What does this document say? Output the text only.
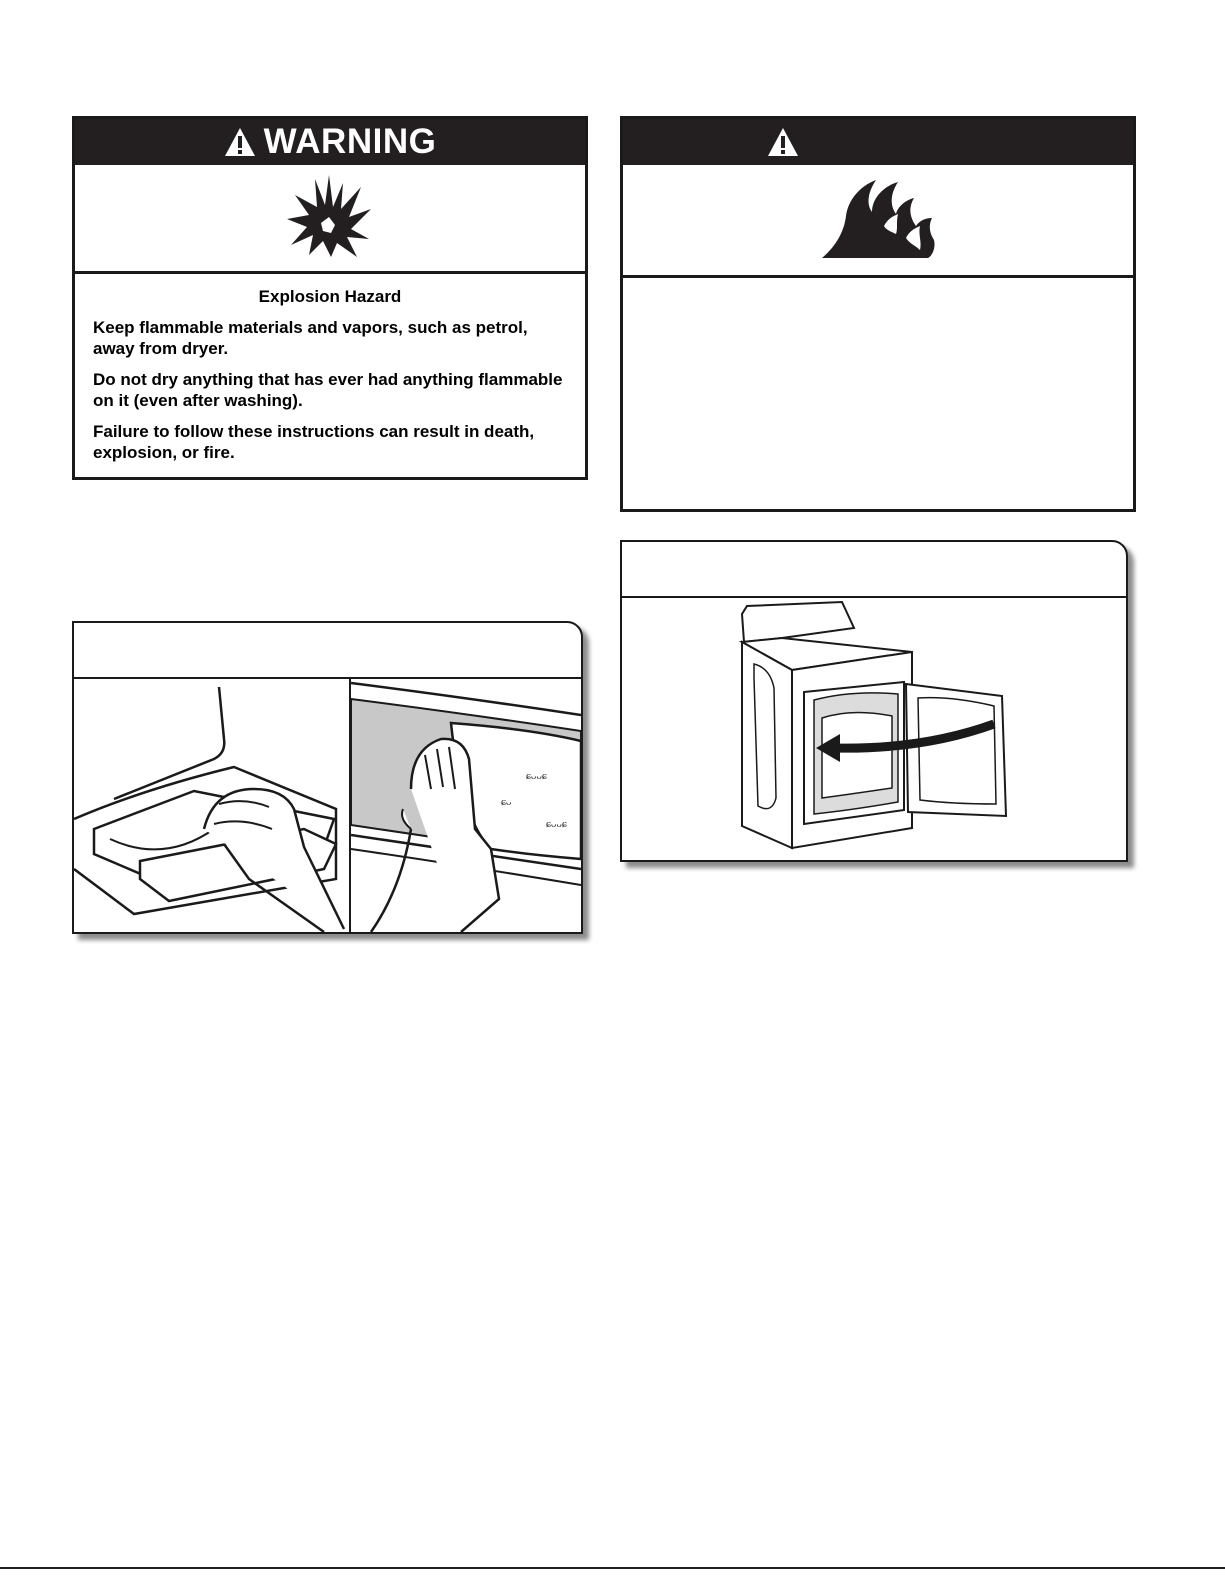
WARNING
Explosion Hazard

Keep flammable materials and vapors, such as petrol, away from dryer.

Do not dry anything that has ever had anything flammable on it (even after washing).

Failure to follow these instructions can result in death, explosion, or fire.

ɕᴗᴗɕ
ɕᴗᴗɕ
ɕᴗ
